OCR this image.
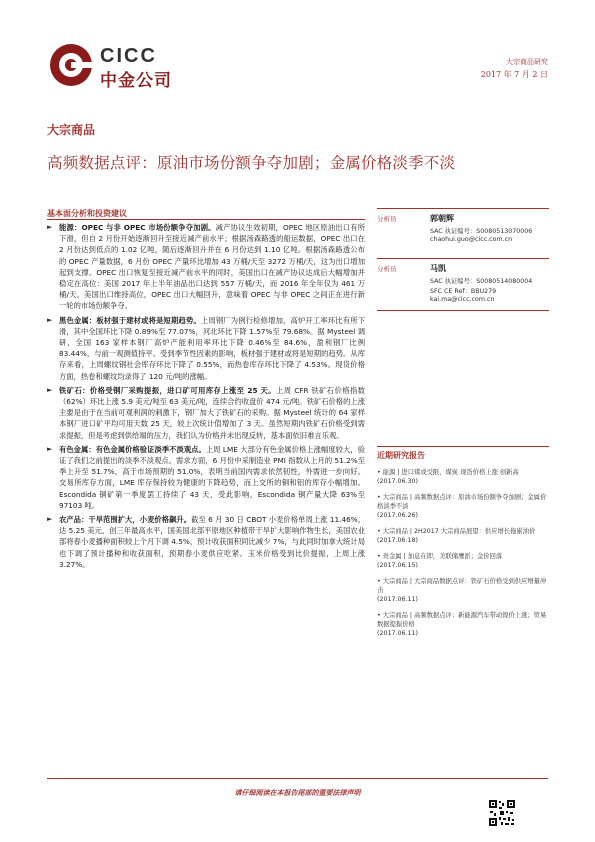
CICC
中金公司
大宗商品研究
2017 年 7 月 2 日
大宗商品
高频数据点评：原油市场份额争夺加剧；金属价格淡季不淡
基本面分析和投资建议
► 能源：OPEC 与非 OPEC 市场份额争夺加剧。减产协议生效初期，OPEC 地区原油出口有所下滑，但自 2 月份开始逐渐回升至接近减产前水平；根据汤森路透的船运数据，OPEC 出口在 2 月份达到低点的 1.02 亿吨，随后逐渐回升并在 6 月份达到 1.10 亿吨。根据汤森路透公布的 OPEC 产量数据，6 月份 OPEC 产量环比增加 43 万桶/天至 3272 万桶/天，这为出口增加起到支撑。OPEC 出口恢复至接近减产前水平的同时，美国出口在减产协议达成后大幅增加并稳定在高位：美国 2017 年上半年油品出口达到 557 万桶/天，而 2016 年全年仅为 461 万桶/天。美国出口维持高位，OPEC 出口大幅回升，意味着 OPEC 与非 OPEC 之间正在进行新一轮的市场份额争夺。
► 黑色金属：板材强于建材或将是短期趋势。上周钢厂为例行检修增加，高炉开工率环比有所下滑，其中全国环比下降 0.89%至 77.07%，河北环比下降 1.57%至 79.68%。据 Mysteel 调研，全国 163 家样本钢厂高炉产能利用率环比下降 0.46%至 84.6%，盈利钢厂比例 83.44%，与前一观测值持平。受到季节性因素的影响，板材强于建材或将是短期的趋势。从库存来看，上周螺纹钢社会库存环比下降了 0.55%，而热卷库存环比下降了 4.53%。现货价格方面，热卷和螺纹均录得了 120 元/吨的涨幅。
► 铁矿石：价格受钢厂采购提振，进口矿可用库存上涨至 25 天。上周 CFR 铁矿石价格指数（62%）环比上涨 5.9 美元/吨至 63 美元/吨，连续合约收盘价 474 元/吨。铁矿石价格的上涨主要是由于在当前可观利润的刺激下，钢厂加大了铁矿石的采购。据 Mysteel 统计的 64 家样本钢厂进口矿平均可用天数 25 天，较上次统计值增加了 3 天。虽然短期内铁矿石价格受到需求提振，但是考虑到供给端的压力，我们认为价格并未出现反转，基本面依旧难言乐观。
► 有色金属：有色金属价格验证淡季不淡观点。上周 LME 大部分有色金属价格上涨幅度较大，验证了我们之前提出的淡季不淡观点。需求方面，6 月份中采制造业 PMI 指数从上月的 51.2%至季上升至 51.7%，高于市场预期的 51.0%，表明当前国内需求依然韧性，外需进一步向好。交易所库存方面，LME 库存保持较为健康的下降趋势，而上交所的铜和铝的库存小幅增加。Escondida 铜矿第一季度罢工持续了 43 天，受此影响，Escondida 铜产量大降 63%至 97103 吨。
► 农产品：干旱范围扩大，小麦价格飙升。截至 6 月 30 日 CBOT 小麦价格单周上涨 11.46%，达 5.25 美元，创三年最高水平，国美国北部平原地区种植带干旱扩大影响作物生长，美国农业部将春小麦播种面积较上个月下调 4.5%，预计收获面积同比减少 7%，与此同时加拿大统计局也下调了预计播种和收获面积，预期春小麦供应吃紧。玉米价格受到比价提振，上周上涨 3.27%。
分析员	郭朝辉
SAC 执证编号：S0080513070006
chaohui.guo@cicc.com.cn
分析员	马凯
SAC 执证编号：S0080514080004
SFC CE Ref：BBU279
kai.ma@cicc.com.cn
近期研究报告
• 能源 | 进口煤或受限，煤炭 现货价格上涨 创新高
(2017.06.30)
• 大宗商品 | 高频数据点评：原油市场份额争夺加剧；金属价格淡季不淡
(2017.06.26)
• 大宗商品 | 2H2017 大宗商品展望：供应增长拖累油价
(2017.06.18)
• 贵金属 | 加息在即，美联储鹰派；金价回落
(2017.06.15)
• 大宗商品 | 大宗商品数据点评：铁矿石价格受到供应增量冲击
(2017.06.11)
• 大宗商品 | 高频数据点评：新能源汽车带动镍价上涨；贸易数据提振价格
(2017.06.11)
请仔细阅读在本报告尾部的重要法律声明
